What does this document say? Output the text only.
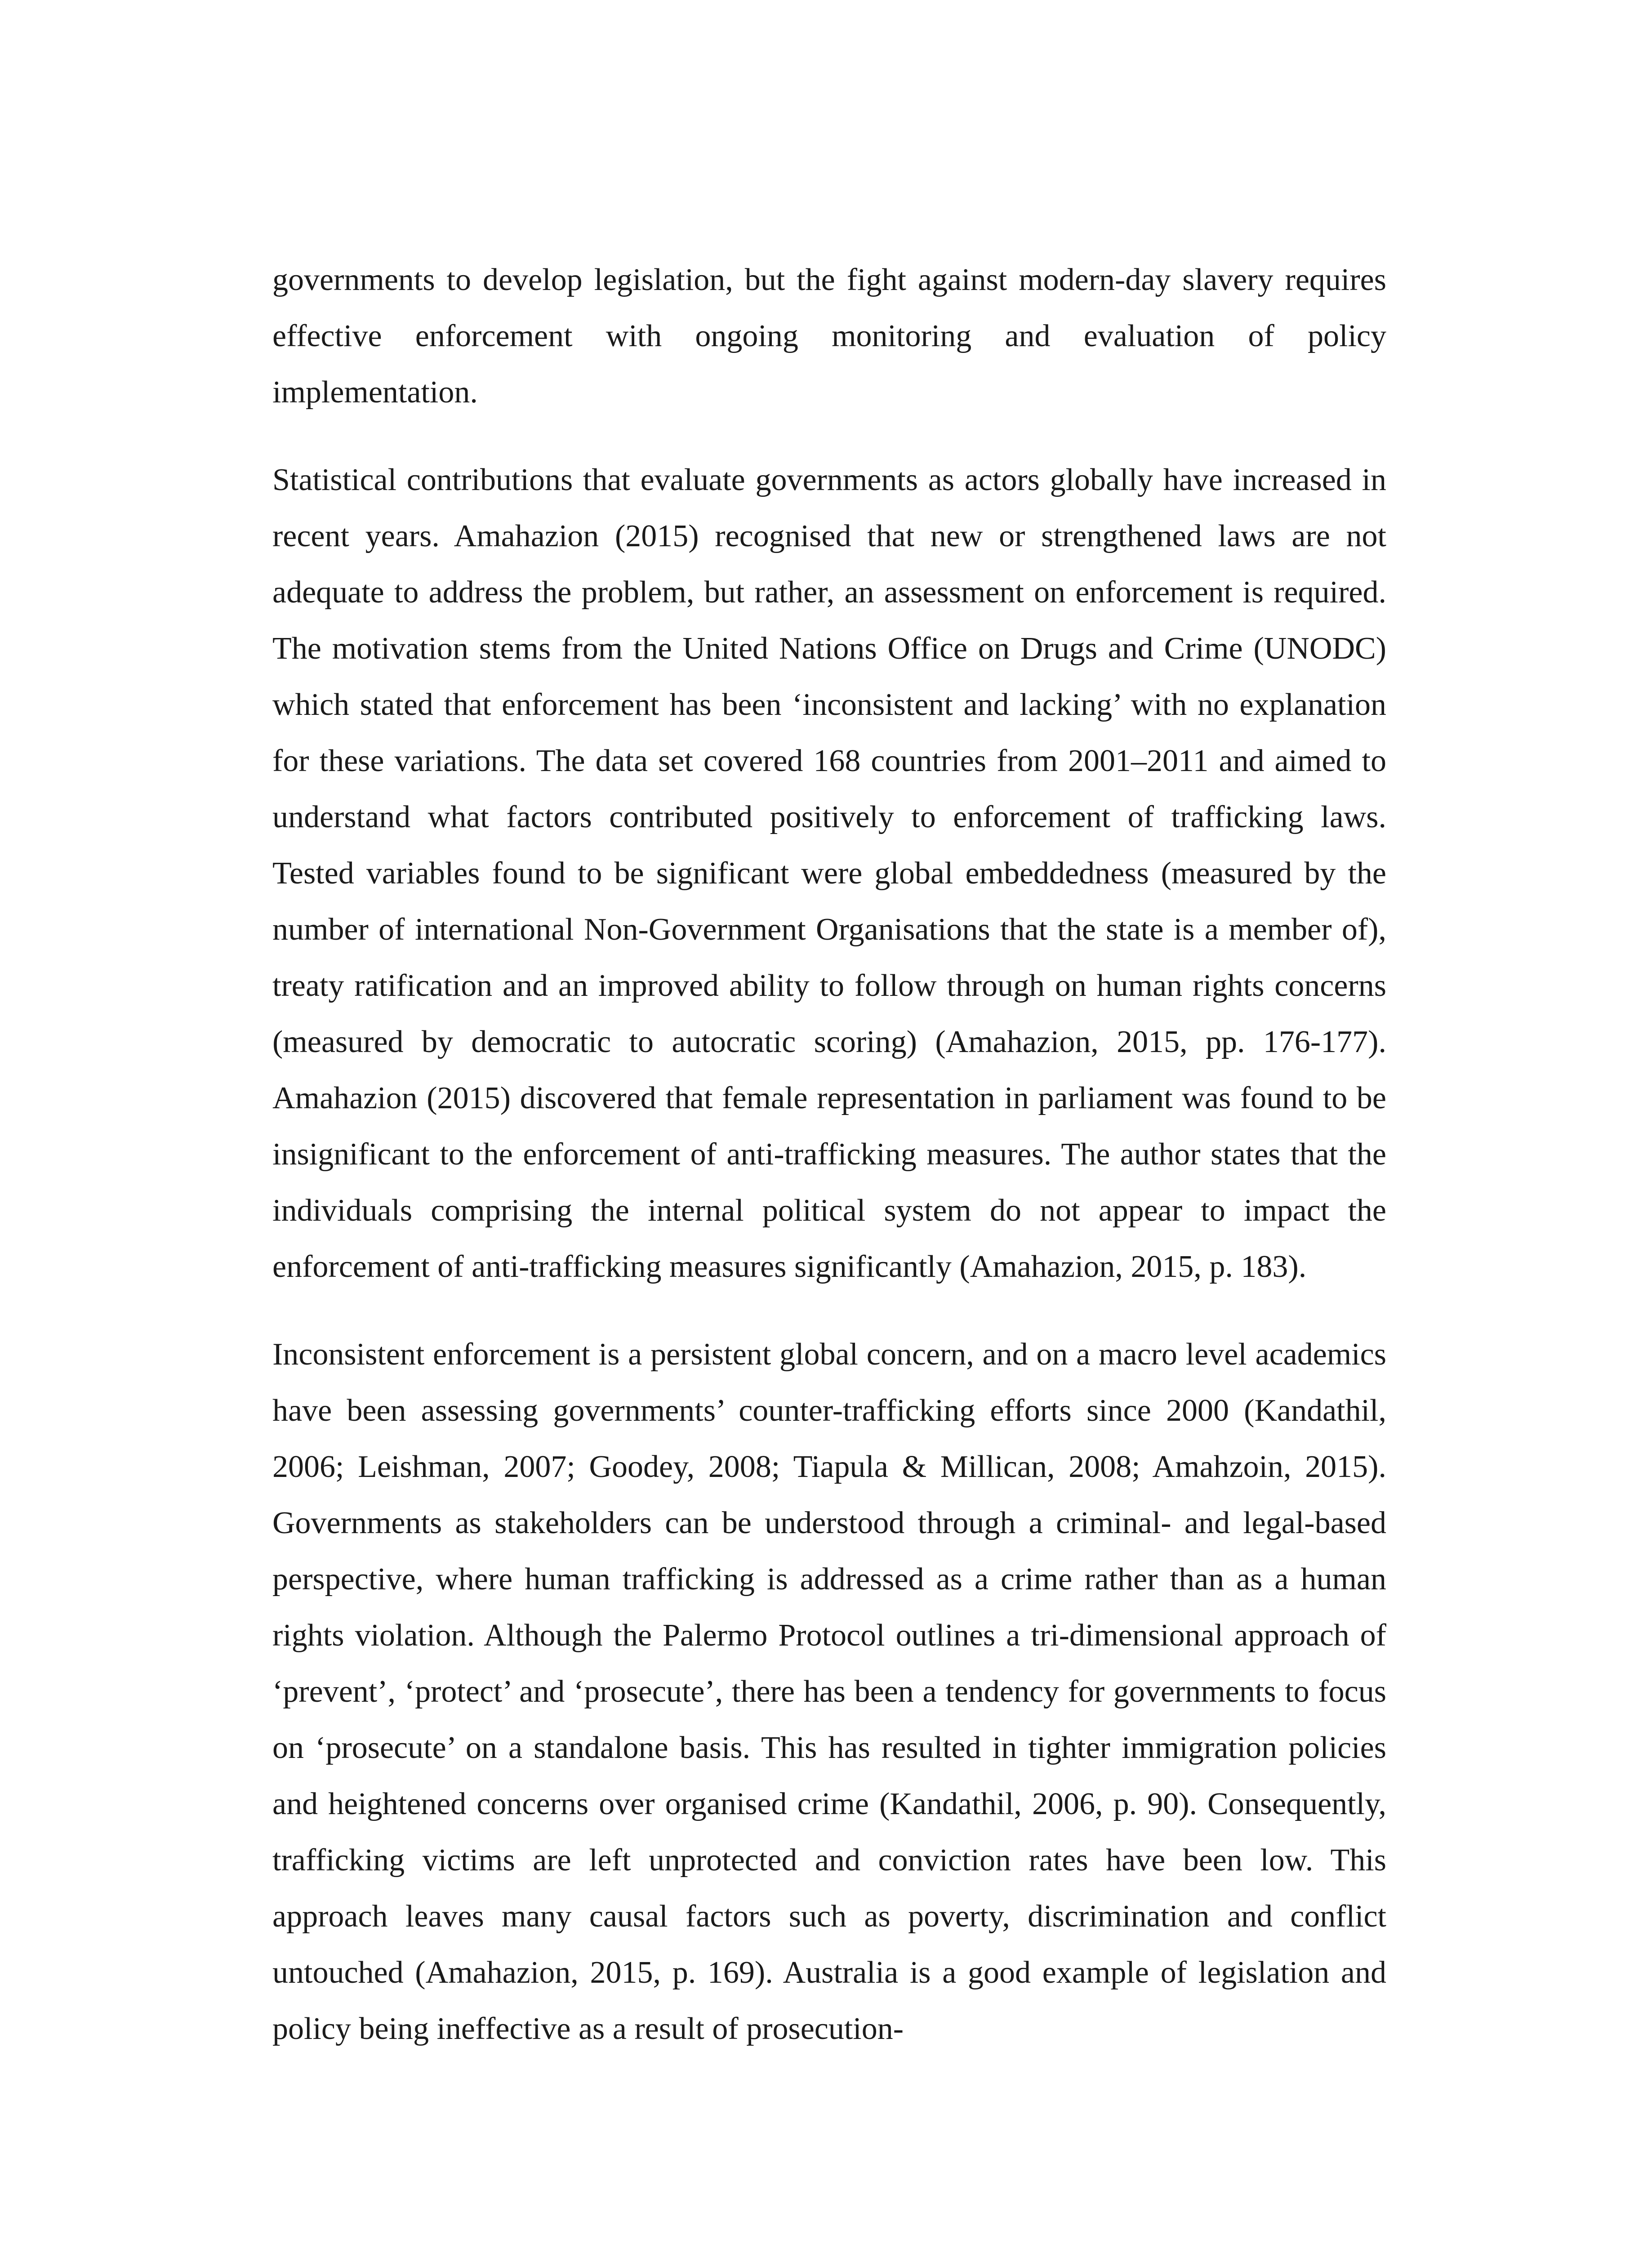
governments to develop legislation, but the fight against modern-day slavery requires effective enforcement with ongoing monitoring and evaluation of policy implementation.

Statistical contributions that evaluate governments as actors globally have increased in recent years. Amahazion (2015) recognised that new or strengthened laws are not adequate to address the problem, but rather, an assessment on enforcement is required. The motivation stems from the United Nations Office on Drugs and Crime (UNODC) which stated that enforcement has been ‘inconsistent and lacking’ with no explanation for these variations. The data set covered 168 countries from 2001–2011 and aimed to understand what factors contributed positively to enforcement of trafficking laws. Tested variables found to be significant were global embeddedness (measured by the number of international Non-Government Organisations that the state is a member of), treaty ratification and an improved ability to follow through on human rights concerns (measured by democratic to autocratic scoring) (Amahazion, 2015, pp. 176-177). Amahazion (2015) discovered that female representation in parliament was found to be insignificant to the enforcement of anti-trafficking measures. The author states that the individuals comprising the internal political system do not appear to impact the enforcement of anti-trafficking measures significantly (Amahazion, 2015, p. 183).

Inconsistent enforcement is a persistent global concern, and on a macro level academics have been assessing governments’ counter-trafficking efforts since 2000 (Kandathil, 2006; Leishman, 2007; Goodey, 2008; Tiapula & Millican, 2008; Amahzoin, 2015). Governments as stakeholders can be understood through a criminal- and legal-based perspective, where human trafficking is addressed as a crime rather than as a human rights violation. Although the Palermo Protocol outlines a tri-dimensional approach of ‘prevent’, ‘protect’ and ‘prosecute’, there has been a tendency for governments to focus on ‘prosecute’ on a standalone basis. This has resulted in tighter immigration policies and heightened concerns over organised crime (Kandathil, 2006, p. 90). Consequently, trafficking victims are left unprotected and conviction rates have been low. This approach leaves many causal factors such as poverty, discrimination and conflict untouched (Amahazion, 2015, p. 169). Australia is a good example of legislation and policy being ineffective as a result of prosecution-
